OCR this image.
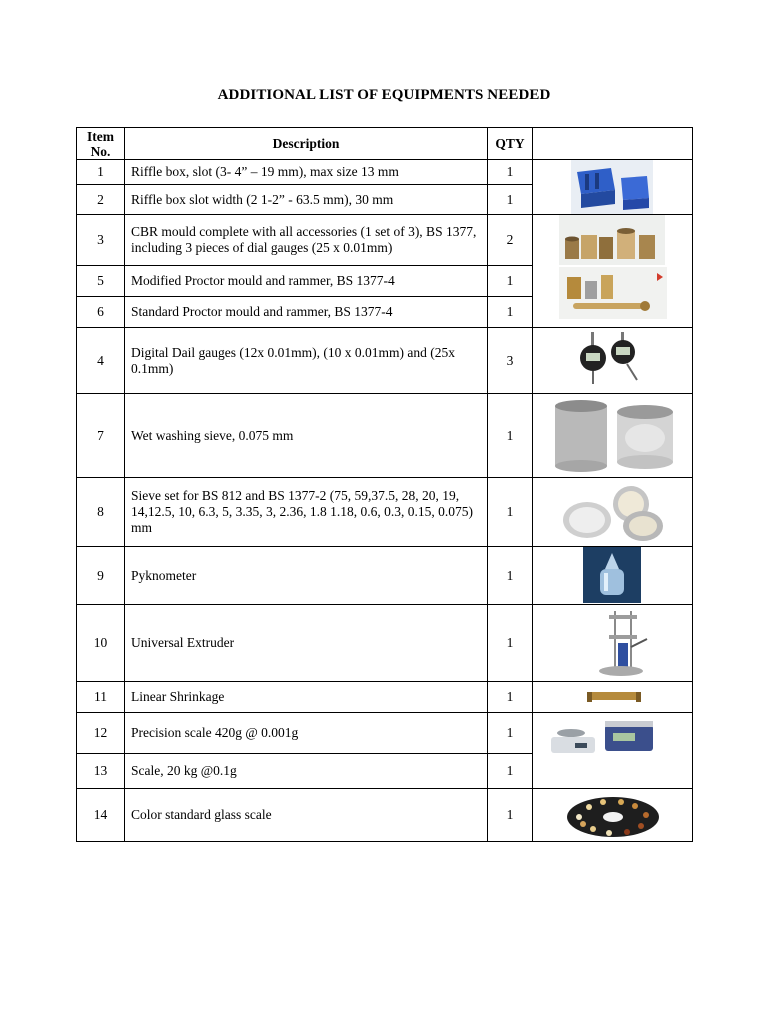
ADDITIONAL LIST OF EQUIPMENTS NEEDED
Item No.	Description	QTY	
1	Riffle box, slot (3- 4” – 19 mm), max size 13 mm	1	

2	Riffle box slot width (2 1-2” - 63.5 mm), 30 mm	1	
3	CBR mould complete with all accessories (1 set of 3), BS 1377, including 3 pieces of dial gauges (25 x 0.01mm)	2	

5	Modified Proctor mould and rammer, BS 1377-4	1	
6	Standard Proctor mould and rammer, BS 1377-4	1	
4	Digital Dail gauges (12x 0.01mm), (10 x 0.01mm) and (25x 0.1mm)	3	

7	Wet washing sieve, 0.075 mm	1	

8	Sieve set for BS 812 and BS 1377-2 (75, 59,37.5, 28, 20, 19, 14,12.5, 10, 6.3, 5, 3.35, 3, 2.36, 1.8 1.18, 0.6, 0.3, 0.15, 0.075) mm	1	

9	Pyknometer	1	

10	Universal Extruder	1	

11	Linear Shrinkage	1	

12	Precision scale 420g @ 0.001g	1	

13	Scale, 20 kg @0.1g	1	
14	Color standard glass scale	1	
